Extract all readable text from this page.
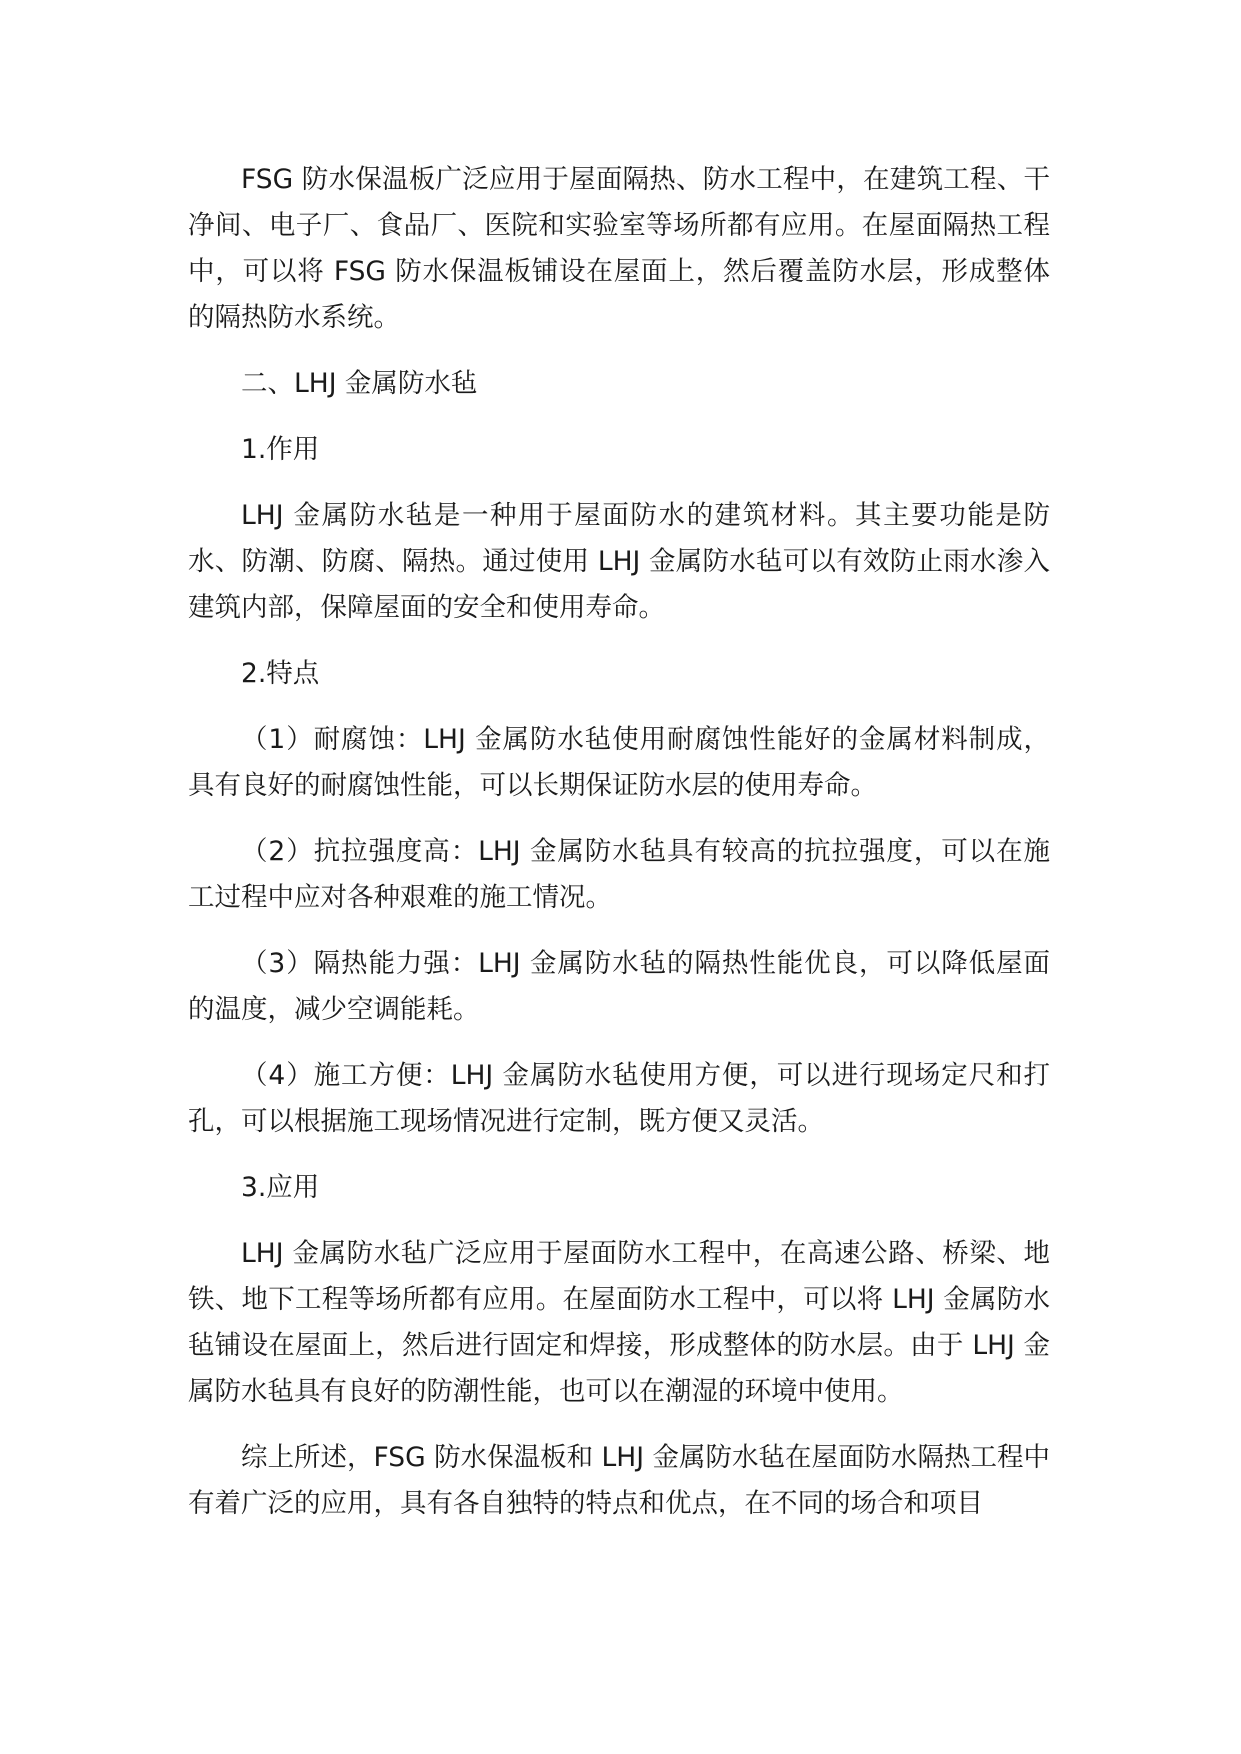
FSG 防水保温板广泛应用于屋面隔热、防水工程中，在建筑工程、干净间、电子厂、食品厂、医院和实验室等场所都有应用。在屋面隔热工程中，可以将 FSG 防水保温板铺设在屋面上，然后覆盖防水层，形成整体的隔热防水系统。

二、LHJ 金属防水毡

1.作用

LHJ 金属防水毡是一种用于屋面防水的建筑材料。其主要功能是防水、防潮、防腐、隔热。通过使用 LHJ 金属防水毡可以有效防止雨水渗入建筑内部，保障屋面的安全和使用寿命。

2.特点

（1）耐腐蚀：LHJ 金属防水毡使用耐腐蚀性能好的金属材料制成，具有良好的耐腐蚀性能，可以长期保证防水层的使用寿命。

（2）抗拉强度高：LHJ 金属防水毡具有较高的抗拉强度，可以在施工过程中应对各种艰难的施工情况。

（3）隔热能力强：LHJ 金属防水毡的隔热性能优良，可以降低屋面的温度，减少空调能耗。

（4）施工方便：LHJ 金属防水毡使用方便，可以进行现场定尺和打孔，可以根据施工现场情况进行定制，既方便又灵活。

3.应用

LHJ 金属防水毡广泛应用于屋面防水工程中，在高速公路、桥梁、地铁、地下工程等场所都有应用。在屋面防水工程中，可以将 LHJ 金属防水毡铺设在屋面上，然后进行固定和焊接，形成整体的防水层。由于 LHJ 金属防水毡具有良好的防潮性能，也可以在潮湿的环境中使用。

综上所述，FSG 防水保温板和 LHJ 金属防水毡在屋面防水隔热工程中有着广泛的应用，具有各自独特的特点和优点，在不同的场合和项目
